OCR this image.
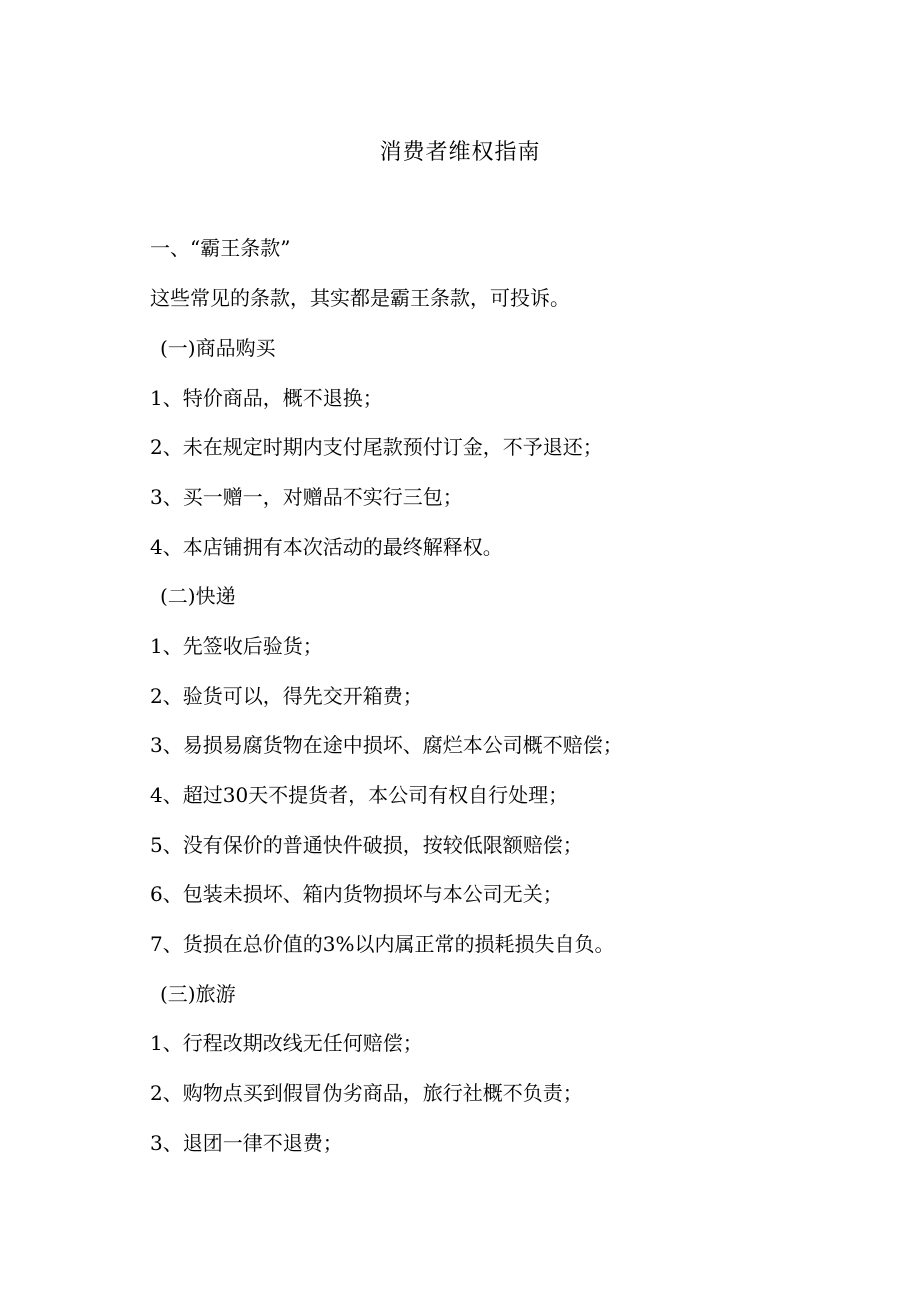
消费者维权指南
一、“霸王条款”
这些常见的条款，其实都是霸王条款，可投诉。
(一)商品购买
1、特价商品，概不退换；
2、未在规定时期内支付尾款预付订金，不予退还；
3、买一赠一，对赠品不实行三包；
4、本店铺拥有本次活动的最终解释权。
(二)快递
1、先签收后验货；
2、验货可以，得先交开箱费；
3、易损易腐货物在途中损坏、腐烂本公司概不赔偿；
4、超过30天不提货者，本公司有权自行处理；
5、没有保价的普通快件破损，按较低限额赔偿；
6、包装未损坏、箱内货物损坏与本公司无关；
7、货损在总价值的3%以内属正常的损耗损失自负。
(三)旅游
1、行程改期改线无任何赔偿；
2、购物点买到假冒伪劣商品，旅行社概不负责；
3、退团一律不退费；
